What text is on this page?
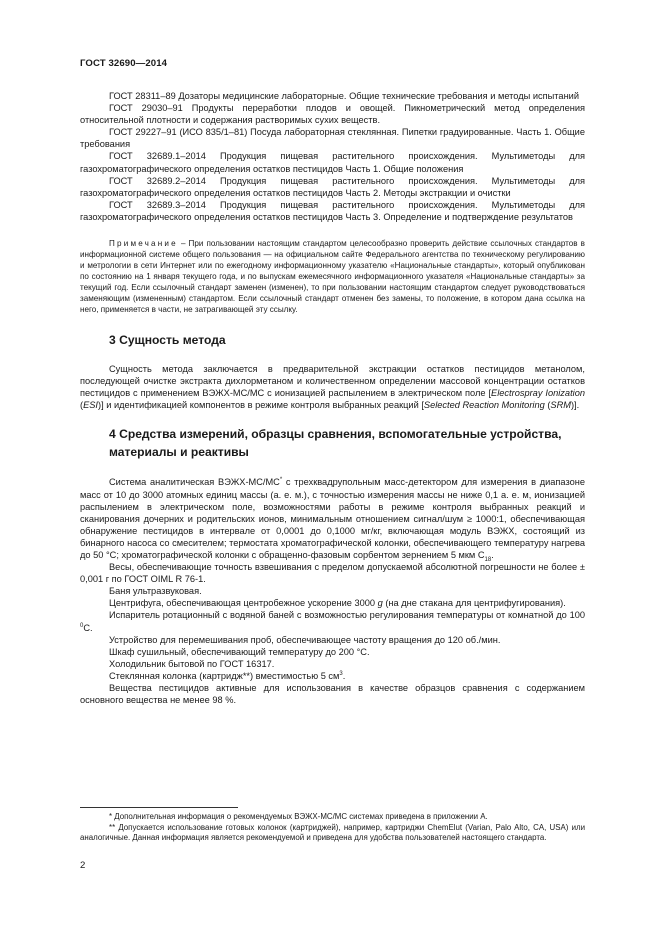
ГОСТ 32690—2014

ГОСТ 28311–89 Дозаторы медицинские лабораторные. Общие технические требования и методы испытаний

ГОСТ 29030–91 Продукты переработки плодов и овощей. Пикнометрический метод определения относительной плотности и содержания растворимых сухих веществ.

ГОСТ 29227–91 (ИСО 835/1–81) Посуда лабораторная стеклянная. Пипетки градуированные. Часть 1. Общие требования

ГОСТ 32689.1–2014 Продукция пищевая растительного происхождения. Мультиметоды для газохроматографического определения остатков пестицидов Часть 1. Общие положения

ГОСТ 32689.2–2014 Продукция пищевая растительного происхождения. Мультиметоды для газохроматографического определения остатков пестицидов Часть 2. Методы экстракции и очистки

ГОСТ 32689.3–2014 Продукция пищевая растительного происхождения. Мультиметоды для газохроматографического определения остатков пестицидов Часть 3. Определение и подтверждение результатов

Примечание – При пользовании настоящим стандартом целесообразно проверить действие ссылочных стандартов в информационной системе общего пользования — на официальном сайте Федерального агентства по техническому регулированию и метрологии в сети Интернет или по ежегодному информационному указателю «Национальные стандарты», который опубликован по состоянию на 1 января текущего года, и по выпускам ежемесячного информационного указателя «Национальные стандарты» за текущий год. Если ссылочный стандарт заменен (изменен), то при пользовании настоящим стандартом следует руководствоваться заменяющим (измененным) стандартом. Если ссылочный стандарт отменен без замены, то положение, в котором дана ссылка на него, применяется в части, не затрагивающей эту ссылку.

3 Сущность метода

Сущность метода заключается в предварительной экстракции остатков пестицидов метанолом, последующей очистке экстракта дихлорметаном и количественном определении массовой концентрации остатков пестицидов с применением ВЭЖХ-МС/МС с ионизацией распылением в электрическом поле [Electrospray Ionization (ESI)] и идентификацией компонентов в режиме контроля выбранных реакций [Selected Reaction Monitoring (SRM)].

4 Средства измерений, образцы сравнения, вспомогательные устройства, материалы и реактивы

Система аналитическая ВЭЖХ-МС/МС* с трехквадрупольным масс-детектором для измерения в диапазоне масс от 10 до 3000 атомных единиц массы (а. е. м.), с точностью измерения массы не ниже 0,1 а. е. м, ионизацией распылением в электрическом поле, возможностями работы в режиме контроля выбранных реакций и сканирования дочерних и родительских ионов, минимальным отношением сигнал/шум ≥ 1000:1, обеспечивающая обнаружение пестицидов в интервале от 0,0001 до 0,1000 мг/кг, включающая модуль ВЭЖХ, состоящий из бинарного насоса со смесителем; термостата хроматографической колонки, обеспечивающего температуру нагрева до 50 °С; хроматографической колонки с обращенно-фазовым сорбентом зернением 5 мкм $С_{18}$.

Весы, обеспечивающие точность взвешивания с пределом допускаемой абсолютной погрешности не более ± 0,001 г по ГОСТ OIML R 76-1.

Баня ультразвуковая.

Центрифуга, обеспечивающая центробежное ускорение 3000 g (на дне стакана для центрифугирования).

Испаритель ротационный с водяной баней с возможностью регулирования температуры от комнатной до 100 $^0$С.

Устройство для перемешивания проб, обеспечивающее частоту вращения до 120 об./мин.

Шкаф сушильный, обеспечивающий температуру до 200 °С.

Холодильник бытовой по ГОСТ 16317.

Стеклянная колонка (картридж**) вместимостью 5 $см^3$.

Вещества пестицидов активные для использования в качестве образцов сравнения с содержанием основного вещества не менее 98 %.

* Дополнительная информация о рекомендуемых ВЭЖХ-МС/МС системах приведена в приложении А.

** Допускается использование готовых колонок (картриджей), например, картриджи ChemElut (Varian, Palo Alto, CA, USA) или аналогичные. Данная информация является рекомендуемой и приведена для удобства пользователей настоящего стандарта.

2
